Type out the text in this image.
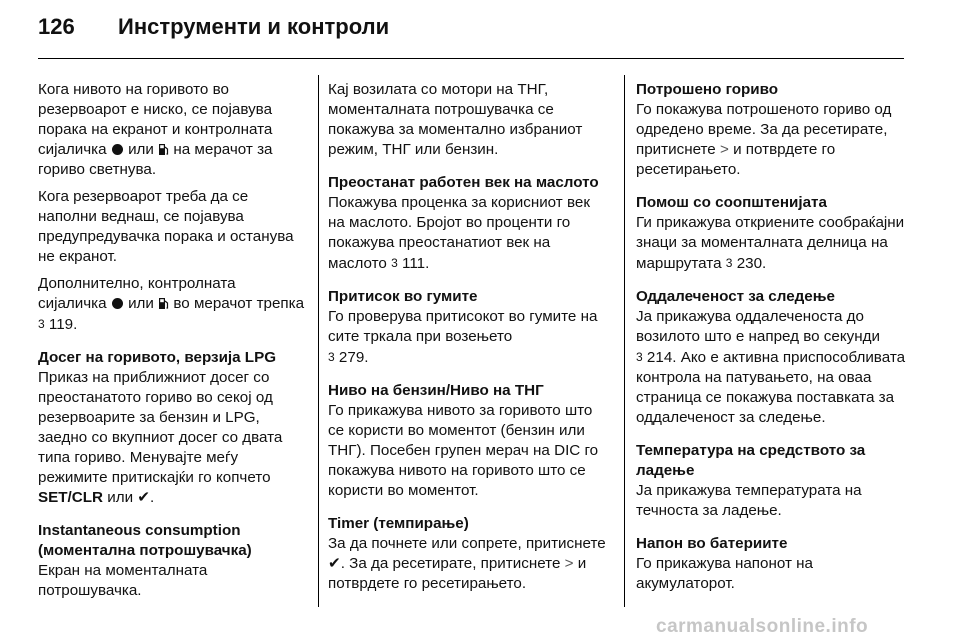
126	Инструменти и контроли
Кога нивото на горивото во резервоарот е ниско, се појавува порака на екранот и контролната сијаличка или на мерачот за гориво светнува.
Кога резервоарот треба да се наполни веднаш, се појавува предупредувачка порака и останува не екранот.
Дополнително, контролната сијаличка или во мерачот трепка 3 119.
Досег на горивото, верзија LPG
Приказ на приближниот досег со преостанатото гориво во секој од резервоарите за бензин и LPG, заедно со вкупниот досег со двата типа гориво. Менувајте меѓу режимите притискајќи го копчето SET/CLR или ✔.
Instantaneous consumption (моментална потрошувачка)
Екран на моменталната потрошувачка.
Кај возилата со мотори на ТНГ, моменталната потрошувачка се покажува за моментално избраниот режим, ТНГ или бензин.
Преостанат работен век на маслото
Покажува проценка за корисниот век на маслото. Бројот во проценти го покажува преостанатиот век на маслото 3 111.
Притисок во гумите
Го проверува притисокот во гумите на сите тркала при возењето
3 279.
Ниво на бензин/Ниво на ТНГ
Го прикажува нивото за горивото што се користи во моментот (бензин или ТНГ). Посебен групен мерач на DIC го покажува нивото на горивото што се користи во моментот.
Timer (темпирање)
За да почнете или сопрете, притиснете ✔. За да ресетирате, притиснете > и потврдете го ресетирањето.
Потрошено гориво
Го покажува потрошеното гориво од одредено време. За да ресетирате, притиснете > и потврдете го ресетирањето.
Помош со соопштенијата
Ги прикажува откриените сообраќајни знаци за моменталната делница на маршрутата 3 230.
Оддалеченост за следење
Ја прикажува оддалеченоста до возилото што е напред во секунди
3 214. Ако е активна приспособливата контрола на патувањето, на оваа страница се покажува поставката за оддалеченост за следење.
Температура на средството за ладење
Ја прикажува температурата на течноста за ладење.
Напон во батериите
Го прикажува напонот на акумулаторот.
carmanualsonline.info
